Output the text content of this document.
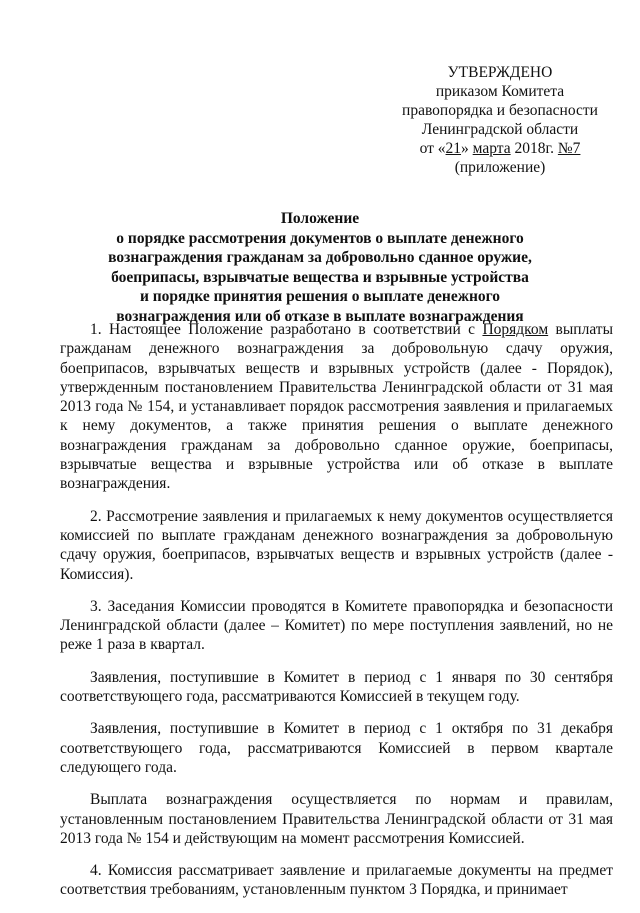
УТВЕРЖДЕНО
приказом Комитета
правопорядка и безопасности
Ленинградской области
от «21» марта 2018г. №7
(приложение)
Положение
о порядке рассмотрения документов о выплате денежного
вознаграждения гражданам за добровольно сданное оружие,
боеприпасы, взрывчатые вещества и взрывные устройства
и порядке принятия решения о выплате денежного
вознаграждения или об отказе в выплате вознаграждения

1. Настоящее Положение разработано в соответствии с Порядком выплаты гражданам денежного вознаграждения за добровольную сдачу оружия, боеприпасов, взрывчатых веществ и взрывных устройств (далее - Порядок), утвержденным постановлением Правительства Ленинградской области от 31 мая 2013 года № 154, и устанавливает порядок рассмотрения заявления и прилагаемых к нему документов, а также принятия решения о выплате денежного вознаграждения гражданам за добровольно сданное оружие, боеприпасы, взрывчатые вещества и взрывные устройства или об отказе в выплате вознаграждения.

2. Рассмотрение заявления и прилагаемых к нему документов осуществляется комиссией по выплате гражданам денежного вознаграждения за добровольную сдачу оружия, боеприпасов, взрывчатых веществ и взрывных устройств (далее - Комиссия).

3. Заседания Комиссии проводятся в Комитете правопорядка и безопасности Ленинградской области (далее – Комитет) по мере поступления заявлений, но не реже 1 раза в квартал.

Заявления, поступившие в Комитет в период с 1 января по 30 сентября соответствующего года, рассматриваются Комиссией в текущем году.

Заявления, поступившие в Комитет в период с 1 октября по 31 декабря соответствующего года, рассматриваются Комиссией в первом квартале следующего года.

Выплата вознаграждения осуществляется по нормам и правилам, установленным постановлением Правительства Ленинградской области от 31 мая 2013 года № 154 и действующим на момент рассмотрения Комиссией.

4. Комиссия рассматривает заявление и прилагаемые документы на предмет соответствия требованиям, установленным пунктом 3 Порядка, и принимает
